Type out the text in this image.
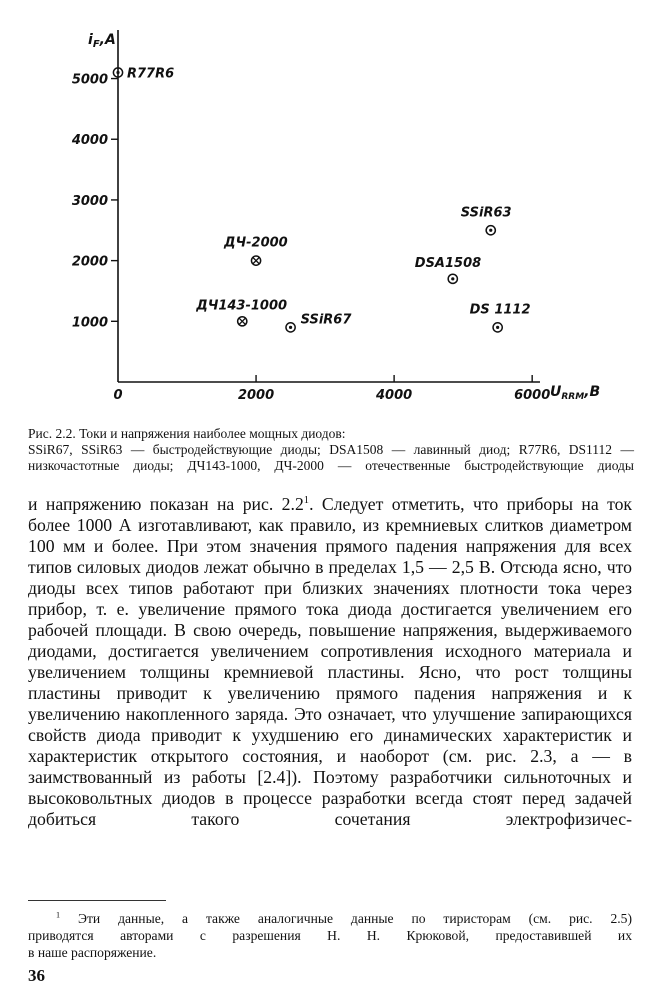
1000
2000
3000
4000
5000
0	2000	4000	6000
SSiR67
SSiR63
DSA1508
R77R6
DS 1112
ДЧ143-1000
ДЧ-2000
$i_F,A$
$U_{RRM},B$
Рис. 2.2. Токи и напряжения наиболее мощных диодов:
SSiR67, SSiR63 — быстродействующие диоды; DSA1508 — лавинный диод; R77R6, DS1112 — низкочастотные диоды; ДЧ143-1000, ДЧ-2000 — отечественные быстродействующие диоды

и напряжению показан на рис. $2.2^1$. Следует отметить, что приборы на ток более 1000 А изготавливают, как правило, из кремниевых слитков диаметром 100 мм и более. При этом значения прямого падения напряжения для всех типов силовых диодов лежат обычно в пределах 1,5 — 2,5 В. Отсюда ясно, что диоды всех типов работают при близких значениях плотности тока через прибор, т. е. увеличение прямого тока диода достигается увеличением его рабочей площади. В свою очередь, повышение напряжения, выдерживаемого диодами, достигается увеличением сопротивления исходного материала и увеличением толщины кремниевой пластины. Ясно, что рост толщины пластины приводит к увеличению прямого падения напряжения и к увеличению накопленного заряда. Это означает, что улучшение запирающихся свойств диода приводит к ухудшению его динамических характеристик и характеристик открытого состояния, и наоборот (см. рис. 2.3, а — в заимствованный из работы [2.4]). Поэтому разработчики сильноточных и высоковольтных диодов в процессе разработки всегда стоят перед задачей добиться такого сочетания электрофизичес-

$^1$ Эти данные, а также аналогичные данные по тиристорам (см. рис. 2.5)

приводятся авторами с разрешения Н. Н. Крюковой, предоставившей их

в наше распоряжение.

36
